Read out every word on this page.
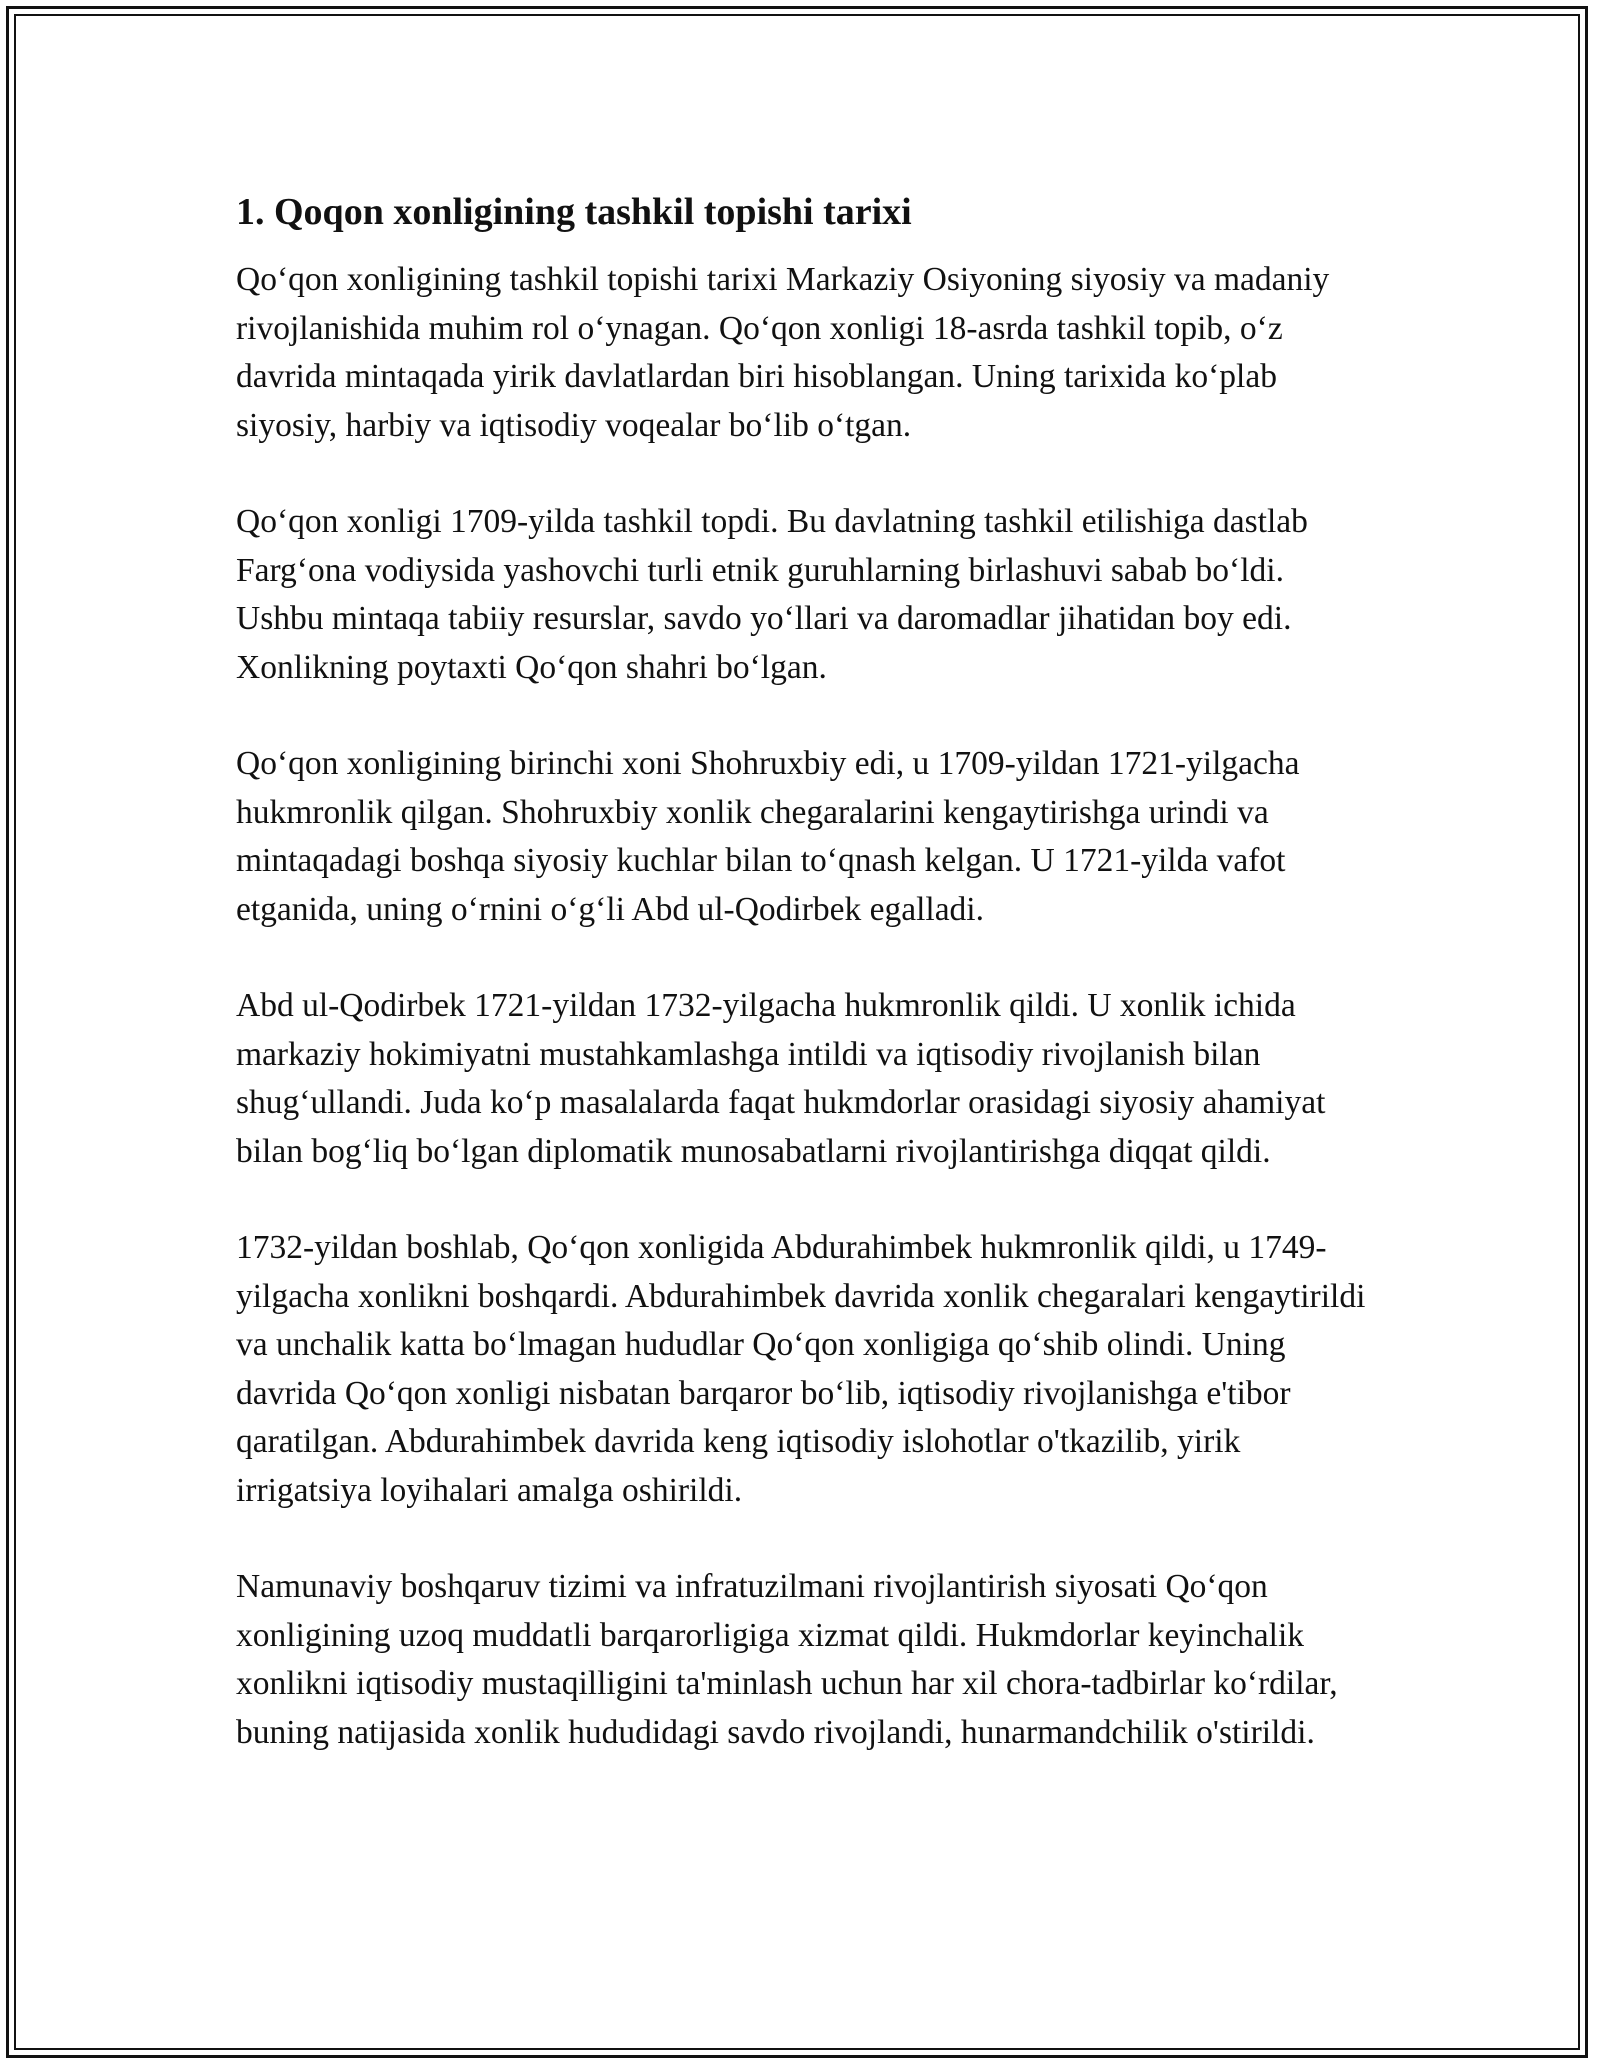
1. Qoqon xonligining tashkil topishi tarixi

Qo‘qon xonligining tashkil topishi tarixi Markaziy Osiyoning siyosiy va madaniy rivojlanishida muhim rol o‘ynagan. Qo‘qon xonligi 18-asrda tashkil topib, o‘z davrida mintaqada yirik davlatlardan biri hisoblangan. Uning tarixida ko‘plab siyosiy, harbiy va iqtisodiy voqealar bo‘lib o‘tgan.

Qo‘qon xonligi 1709-yilda tashkil topdi. Bu davlatning tashkil etilishiga dastlab Farg‘ona vodiysida yashovchi turli etnik guruhlarning birlashuvi sabab bo‘ldi. Ushbu mintaqa tabiiy resurslar, savdo yo‘llari va daromadlar jihatidan boy edi. Xonlikning poytaxti Qo‘qon shahri bo‘lgan.

Qo‘qon xonligining birinchi xoni Shohruxbiy edi, u 1709-yildan 1721-yilgacha hukmronlik qilgan. Shohruxbiy xonlik chegaralarini kengaytirishga urindi va mintaqadagi boshqa siyosiy kuchlar bilan to‘qnash kelgan. U 1721-yilda vafot etganida, uning o‘rnini o‘g‘li Abd ul-Qodirbek egalladi.

Abd ul-Qodirbek 1721-yildan 1732-yilgacha hukmronlik qildi. U xonlik ichida markaziy hokimiyatni mustahkamlashga intildi va iqtisodiy rivojlanish bilan shug‘ullandi. Juda ko‘p masalalarda faqat hukmdorlar orasidagi siyosiy ahamiyat bilan bog‘liq bo‘lgan diplomatik munosabatlarni rivojlantirishga diqqat qildi.

1732-yildan boshlab, Qo‘qon xonligida Abdurahimbek hukmronlik qildi, u 1749-yilgacha xonlikni boshqardi. Abdurahimbek davrida xonlik chegaralari kengaytirildi va unchalik katta bo‘lmagan hududlar Qo‘qon xonligiga qo‘shib olindi. Uning davrida Qo‘qon xonligi nisbatan barqaror bo‘lib, iqtisodiy rivojlanishga e'tibor qaratilgan. Abdurahimbek davrida keng iqtisodiy islohotlar o'tkazilib, yirik irrigatsiya loyihalari amalga oshirildi.

Namunaviy boshqaruv tizimi va infratuzilmani rivojlantirish siyosati Qo‘qon xonligining uzoq muddatli barqarorligiga xizmat qildi. Hukmdorlar keyinchalik xonlikni iqtisodiy mustaqilligini ta'minlash uchun har xil chora-tadbirlar ko‘rdilar, buning natijasida xonlik hududidagi savdo rivojlandi, hunarmandchilik o'stirildi.
